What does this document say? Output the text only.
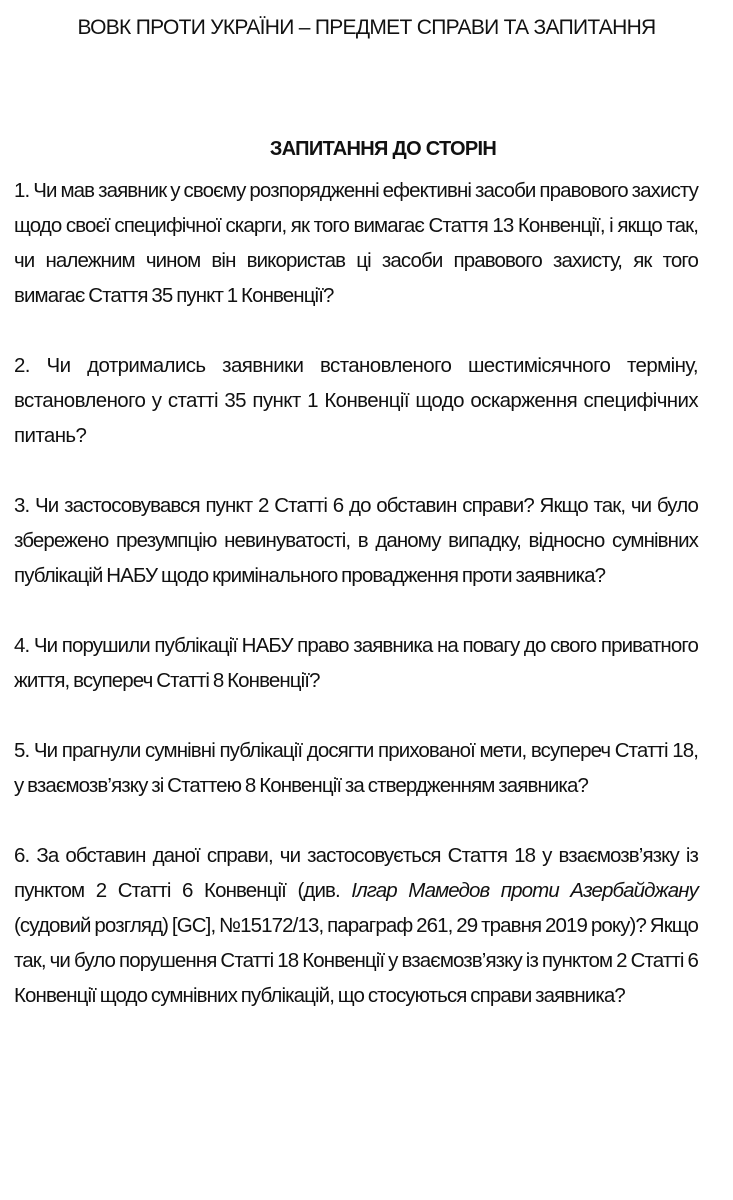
ВОВК ПРОТИ УКРАЇНИ – ПРЕДМЕТ СПРАВИ ТА ЗАПИТАННЯ
ЗАПИТАННЯ ДО СТОРІН

1. Чи мав заявник у своєму розпорядженні ефективні засоби правового захисту щодо своєї специфічної скарги, як того вимагає Стаття 13 Конвенції, і якщо так, чи належним чином він використав ці засоби правового захисту, як того вимагає Стаття 35 пункт 1 Конвенції?

2. Чи дотримались заявники встановленого шестимісячного терміну, встановленого у статті 35 пункт 1 Конвенції щодо оскарження специфічних питань?

3. Чи застосовувався пункт 2 Статті 6 до обставин справи? Якщо так, чи було збережено презумпцію невинуватості, в даному випадку, відносно сумнівних публікацій НАБУ щодо кримінального провадження проти заявника?

4. Чи порушили публікації НАБУ право заявника на повагу до свого приватного життя, всупереч Статті 8 Конвенції?

5. Чи прагнули сумнівні публікації досягти прихованої мети, всупереч Статті 18, у взаємозв’язку зі Статтею 8 Конвенції за ствердженням заявника?

6. За обставин даної справи, чи застосовується Стаття 18 у взаємозв’язку із пунктом 2 Статті 6 Конвенції (див. Ілгар Мамедов проти Азербайджану (судовий розгляд) [GC], №15172/13, параграф 261, 29 травня 2019 року)? Якщо так, чи було порушення Статті 18 Конвенції у взаємозв’язку із пунктом 2 Статті 6 Конвенції щодо сумнівних публікацій, що стосуються справи заявника?
